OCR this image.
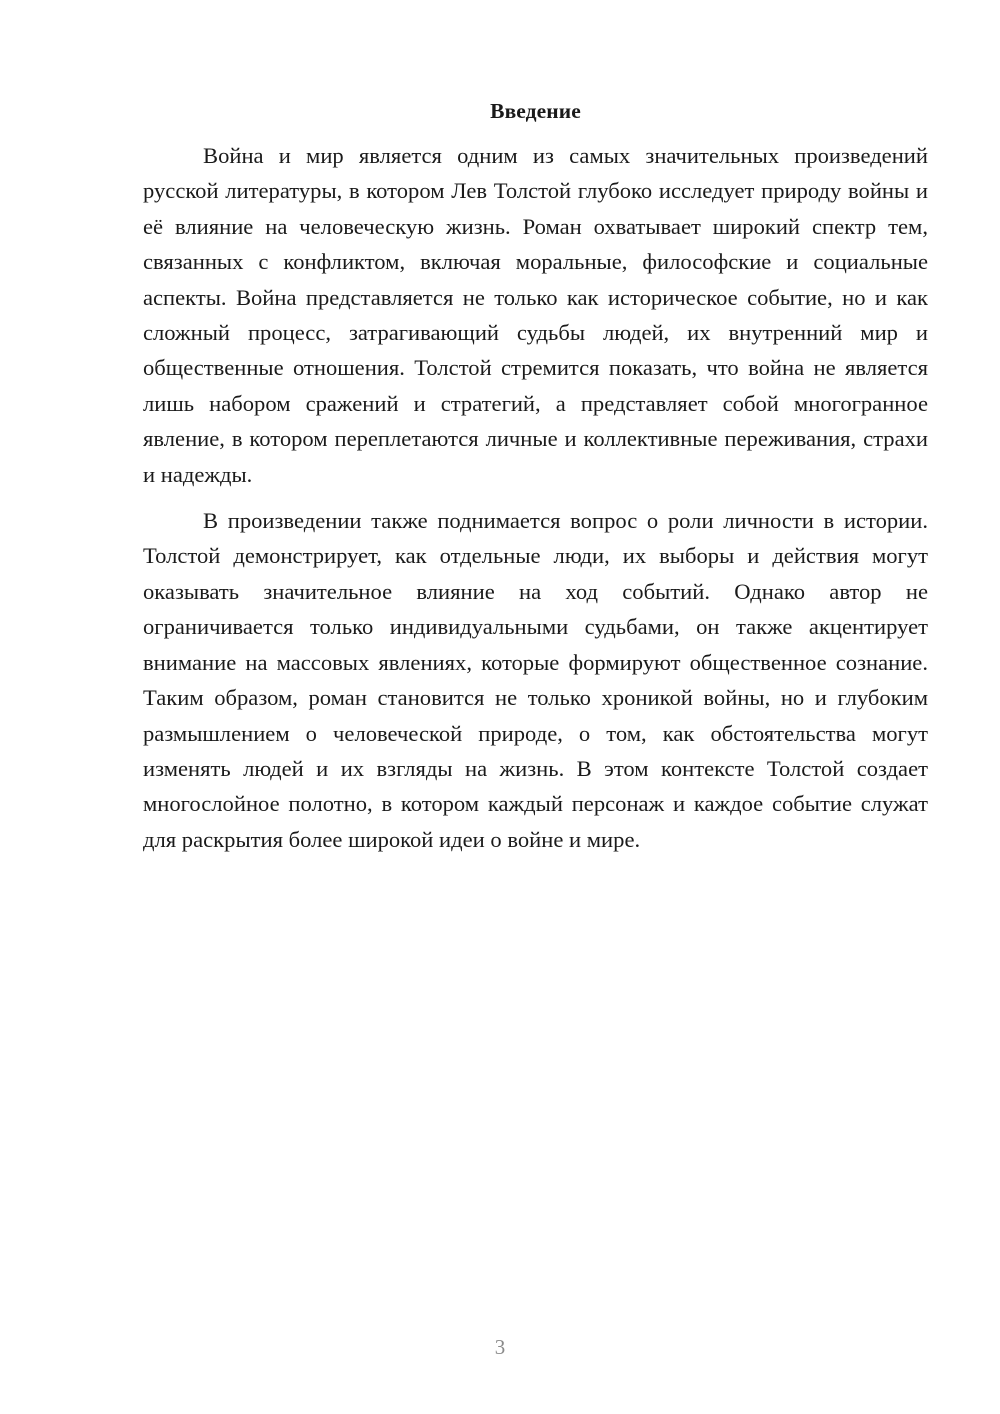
Введение

Война и мир является одним из самых значительных произведений русской литературы, в котором Лев Толстой глубоко исследует природу войны и её влияние на человеческую жизнь. Роман охватывает широкий спектр тем, связанных с конфликтом, включая моральные, философские и социальные аспекты. Война представляется не только как историческое событие, но и как сложный процесс, затрагивающий судьбы людей, их внутренний мир и общественные отношения. Толстой стремится показать, что война не является лишь набором сражений и стратегий, а представляет собой многогранное явление, в котором переплетаются личные и коллективные переживания, страхи и надежды.

В произведении также поднимается вопрос о роли личности в истории. Толстой демонстрирует, как отдельные люди, их выборы и действия могут оказывать значительное влияние на ход событий. Однако автор не ограничивается только индивидуальными судьбами, он также акцентирует внимание на массовых явлениях, которые формируют общественное сознание. Таким образом, роман становится не только хроникой войны, но и глубоким размышлением о человеческой природе, о том, как обстоятельства могут изменять людей и их взгляды на жизнь. В этом контексте Толстой создает многослойное полотно, в котором каждый персонаж и каждое событие служат для раскрытия более широкой идеи о войне и мире.

3
